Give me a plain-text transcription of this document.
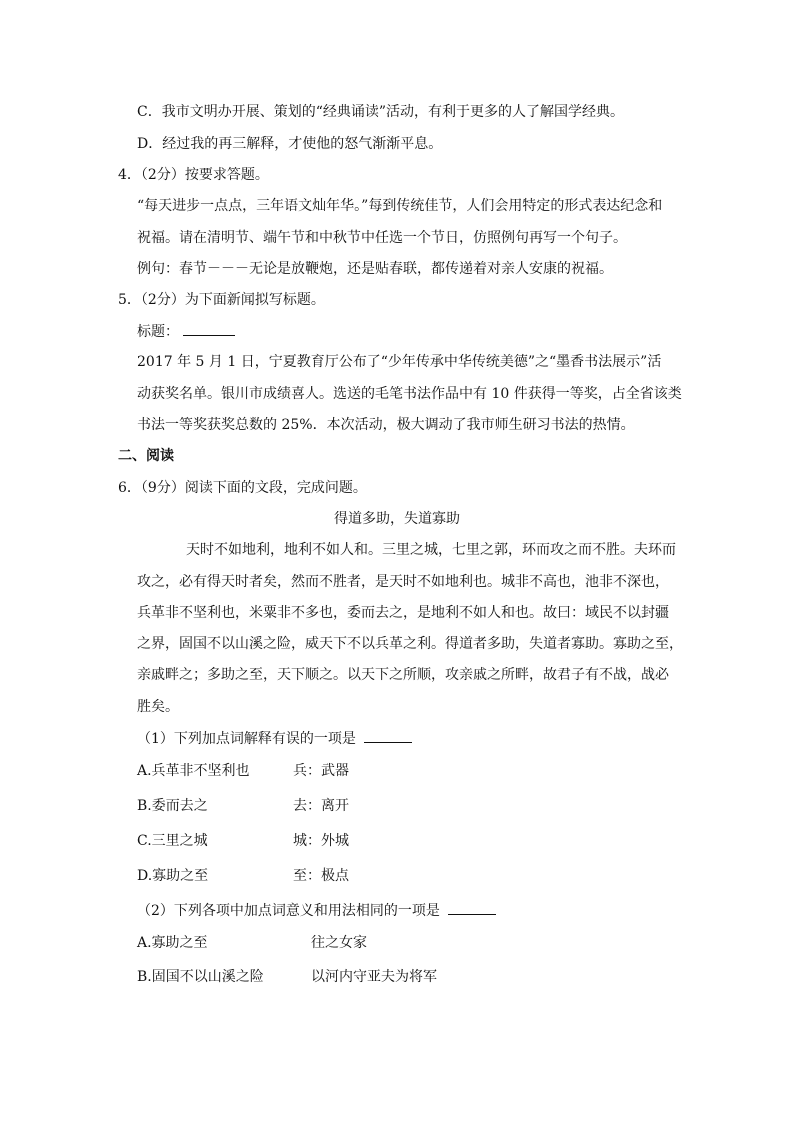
C．我市文明办开展、策划的“经典诵读”活动，有利于更多的人了解国学经典。
D．经过我的再三解释，才使他的怒气渐渐平息。
4．（2分）按要求答题。
“每天进步一点点，三年语文灿年华。”每到传统佳节，人们会用特定的形式表达纪念和
祝福。请在清明节、端午节和中秋节中任选一个节日，仿照例句再写一个句子。
例句：春节－－－无论是放鞭炮，还是贴春联，都传递着对亲人安康的祝福。
5．（2分）为下面新闻拟写标题。
标题：
2017 年 5 月 1 日，宁夏教育厅公布了“少年传承中华传统美德”之“墨香书法展示”活
动获奖名单。银川市成绩喜人。选送的毛笔书法作品中有 10 件获得一等奖，占全省该类
书法一等奖获奖总数的 25%．本次活动，极大调动了我市师生研习书法的热情。
二、阅读
6．（9分）阅读下面的文段，完成问题。
得道多助，失道寡助
天时不如地利，地利不如人和。三里之城，七里之郭，环而攻之而不胜。夫环而
攻之，必有得天时者矣，然而不胜者，是天时不如地利也。城非不高也，池非不深也，
兵革非不坚利也，米粟非不多也，委而去之，是地利不如人和也。故曰：域民不以封疆
之界，固国不以山溪之险，威天下不以兵革之利。得道者多助，失道者寡助。寡助之至，
亲戚畔之；多助之至，天下顺之。以天下之所顺，攻亲戚之所畔，故君子有不战，战必
胜矣。
（1）下列加点词解释有误的一项是
A.兵革非不坚利也	兵：武器
B.委而去之	去：离开
C.三里之城	城：外城
D.寡助之至	至：极点
（2）下列各项中加点词意义和用法相同的一项是
A.寡助之至	往之女家
B.固国不以山溪之险	以河内守亚夫为将军
